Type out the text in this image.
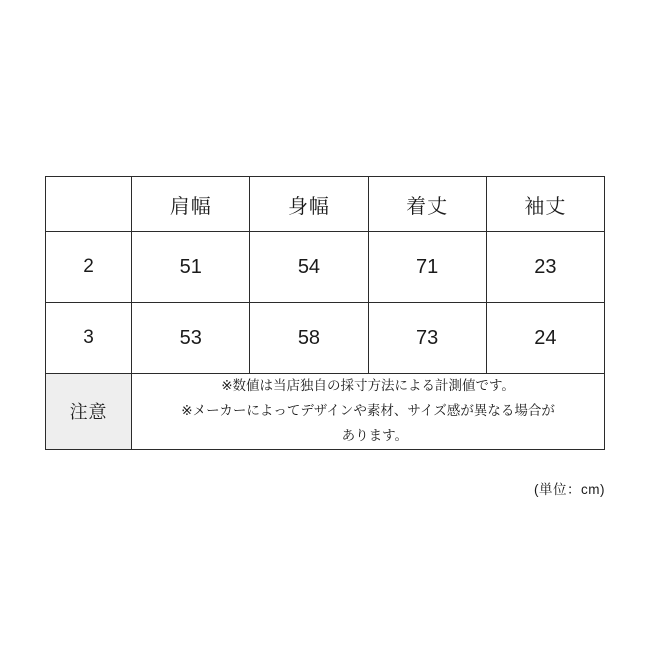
	肩幅	身幅	着丈	袖丈
2	51	54	71	23
3	53	58	73	24
注意	※数値は当店独自の採寸方法による計測値です。
※メーカーによってデザインや素材、サイズ感が異なる場合が
　あります。			
(単位：cm)
